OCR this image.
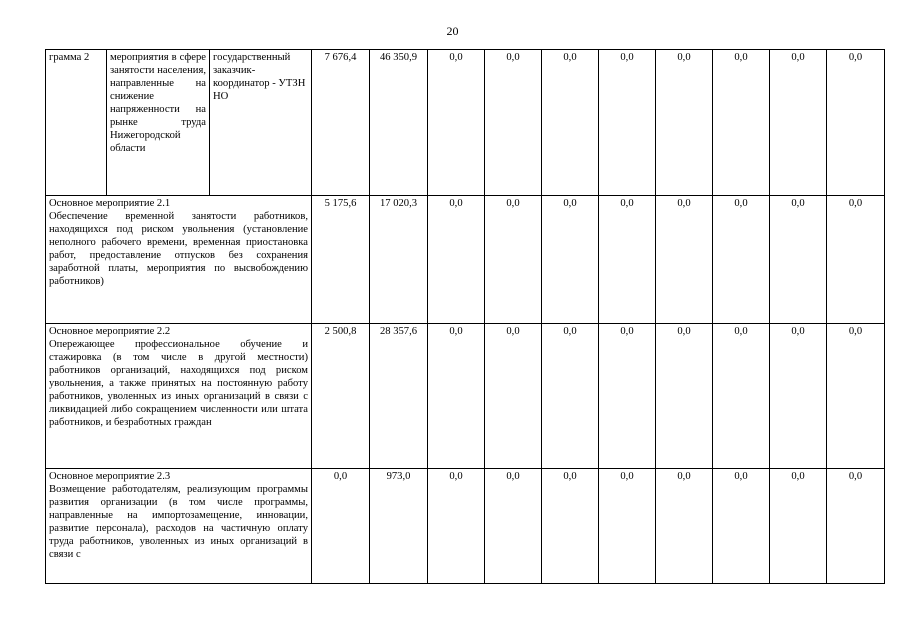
20
грамма 2	мероприятия в сфере занятости населения, направленные на снижение напряженности на рынке труда Нижегородской области	государственный заказчик-координатор - УТЗН НО	7 676,4	46 350,9	0,0	0,0	0,0	0,0	0,0	0,0	0,0	0,0

Основное мероприятие 2.1
Обеспечение временной занятости работников, находящихся под риском увольнения (установление неполного рабочего времени, временная приостановка работ, предоставление отпусков без сохранения заработной платы, мероприятия по высвобождению работников)			5 175,6	17 020,3	0,0	0,0	0,0	0,0	0,0	0,0	0,0	0,0

Основное мероприятие 2.2
Опережающее профессиональное обучение и стажировка (в том числе в другой местности) работников организаций, находящихся под риском увольнения, а также принятых на постоянную работу работников, уволенных из иных организаций в связи с ликвидацией либо сокращением численности или штата работников, и безработных граждан			2 500,8	28 357,6	0,0	0,0	0,0	0,0	0,0	0,0	0,0	0,0

Основное мероприятие 2.3
Возмещение работодателям, реализующим программы развития организации (в том числе программы, направленные на импортозамещение, инновации, развитие персонала), расходов на частичную оплату труда работников, уволенных из иных организаций в связи с			0,0	973,0	0,0	0,0	0,0	0,0	0,0	0,0	0,0	0,0
